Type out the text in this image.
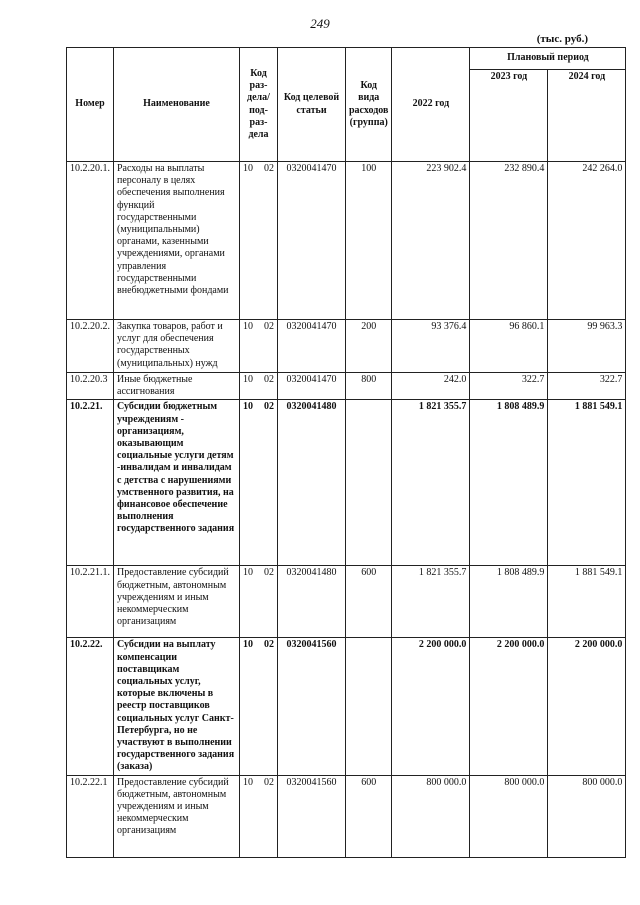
249
(тыс. руб.)
Номер	Наименование	Код раз-дела/ под-раз-дела	Код целевой статьи	Код вида расходов (группа)	2022 год	Плановый период	
						2023 год	2024 год
10.2.20.1.	Расходы на выплаты персоналу в целях обеспечения выполнения функций государственными (муниципальными) органами, казенными учреждениями, органами управления государственными внебюджетными фондами	10 02	0320041470	100	223 902.4	232 890.4	242 264.0
10.2.20.2.	Закупка товаров, работ и услуг для обеспечения государственных (муниципальных) нужд	10 02	0320041470	200	93 376.4	96 860.1	99 963.3
10.2.20.3	Иные бюджетные ассигнования	10 02	0320041470	800	242.0	322.7	322.7
10.2.21.	Субсидии бюджетным учреждениям - организациям, оказывающим социальные услуги детям -инвалидам и инвалидам с детства с нарушениями умственного развития, на финансовое обеспечение выполнения государственного задания	10 02	0320041480		1 821 355.7	1 808 489.9	1 881 549.1
10.2.21.1.	Предоставление субсидий бюджетным, автономным учреждениям и иным некоммерческим организациям	10 02	0320041480	600	1 821 355.7	1 808 489.9	1 881 549.1
10.2.22.	Субсидии на выплату компенсации поставщикам социальных услуг, которые включены в реестр поставщиков социальных услуг Санкт-Петербурга, но не участвуют в выполнении государственного задания (заказа)	10 02	0320041560		2 200 000.0	2 200 000.0	2 200 000.0
10.2.22.1	Предоставление субсидий бюджетным, автономным учреждениям и иным некоммерческим организациям	10 02	0320041560	600	800 000.0	800 000.0	800 000.0
